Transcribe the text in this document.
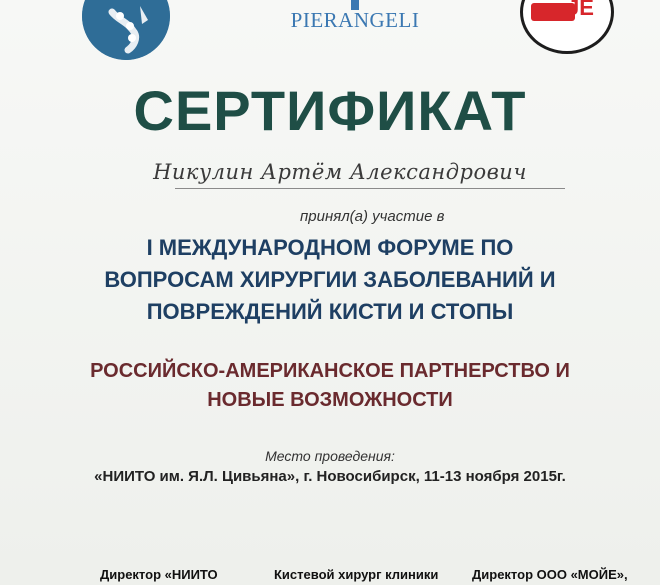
PIERANGELI	JE
СЕРТИФИКАТ
Никулин Артём Александрович
принял(а) участие в
I МЕЖДУНАРОДНОМ ФОРУМЕ ПО
ВОПРОСАМ ХИРУРГИИ ЗАБОЛЕВАНИЙ И
ПОВРЕЖДЕНИЙ КИСТИ И СТОПЫ
РОССИЙСКО-АМЕРИКАНСКОЕ ПАРТНЕРСТВО И
НОВЫЕ ВОЗМОЖНОСТИ
Место проведения:
«НИИТО им. Я.Л. Цивьяна», г. Новосибирск, 11-13 ноября 2015г.
Директор «НИИТО	Кистевой хирург клиники	Директор ООО «МОЙЕ»,
